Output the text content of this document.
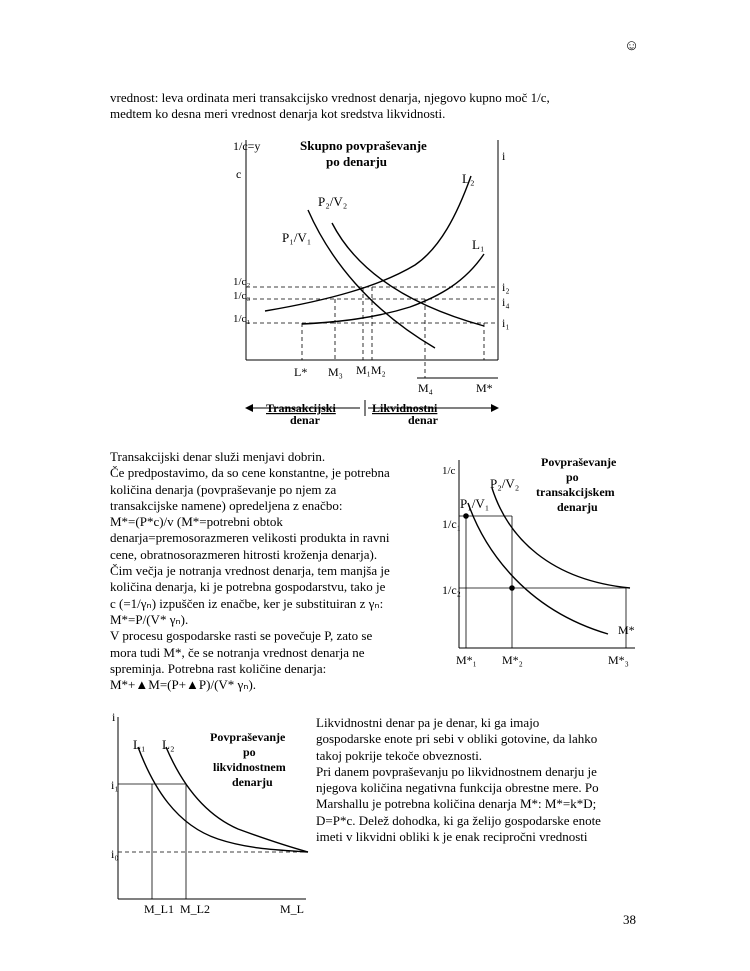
☺
vrednost: leva ordinata meri transakcijsko vrednost denarja, njegovo kupno moč 1/c,
medtem ko desna meri vrednost denarja kot sredstva likvidnosti.
Skupno povpraševanje
po denarju
1/c=y
c
i
P₂/V₂
P₁/V₁
L₂
L₁
1/c₂
1/c₃
1/c₁
i₂
i₄
i₁
L* M₃ M₁M₂
M₄	M*
Transakcijski
denar
Likvidnostni
denar
Transakcijski denar služi menjavi dobrin.
Če predpostavimo, da so cene konstantne, je potrebna
količina denarja (povpraševanje po njem za
transakcijske namene) opredeljena z enačbo:
M*=(P*c)/v (M*=potrebni obtok
denarja=premosorazmeren velikosti produkta in ravni
cene, obratnosorazmeren hitrosti kroženja denarja).
Čim večja je notranja vrednost denarja, tem manjša je
količina denarja, ki je potrebna gospodarstvu, tako je
c (=1/γₙ) izpuščen iz enačbe, ker je substituiran z γₙ:
M*=P/(V* γₙ).
V procesu gospodarske rasti se povečuje P, zato se
mora tudi M*, če se notranja vrednost denarja ne
spreminja. Potrebna rast količine denarja:
M*+▲M=(P+▲P)/(V* γₙ).
Povpraševanje
po
transakcijskem
denarju
1/c
P₂/V₂
P₁/V₁
1/c₁
1/c₂
M*
M*₁ M*₂	M*₃
Povpraševanje
po
likvidnostnem
denarju
i
L₁ L₂
i₁
i₀
M_L1 M_L2	M_L
Likvidnostni denar pa je denar, ki ga imajo
gospodarske enote pri sebi v obliki gotovine, da lahko
takoj pokrije tekoče obveznosti.
Pri danem povpraševanju po likvidnostnem denarju je
njegova količina negativna funkcija obrestne mere. Po
Marshallu je potrebna količina denarja M*: M*=k*D;
D=P*c. Delež dohodka, ki ga želijo gospodarske enote
imeti v likvidni obliki k je enak recipročni vrednosti
38
